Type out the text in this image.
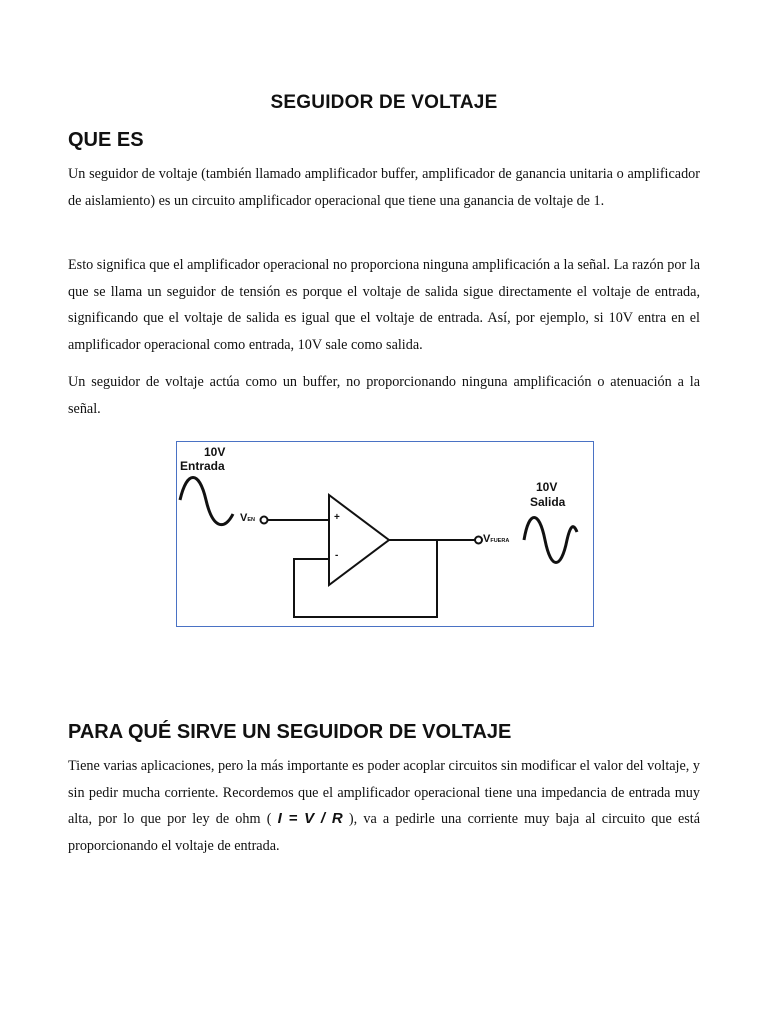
SEGUIDOR DE VOLTAJE
QUE ES

Un seguidor de voltaje (también llamado amplificador buffer, amplificador de ganancia unitaria o amplificador de aislamiento) es un circuito amplificador operacional que tiene una ganancia de voltaje de 1.

Esto significa que el amplificador operacional no proporciona ninguna amplificación a la señal. La razón por la que se llama un seguidor de tensión es porque el voltaje de salida sigue directamente el voltaje de entrada, significando que el voltaje de salida es igual que el voltaje de entrada. Así, por ejemplo, si 10V entra en el amplificador operacional como entrada, 10V sale como salida.

Un seguidor de voltaje actúa como un buffer, no proporcionando ninguna amplificación o atenuación a la señal.

10V
Entrada
10V
Salida
VEN
VFUERA
+
-
PARA QUÉ SIRVE UN SEGUIDOR DE VOLTAJE

Tiene varias aplicaciones, pero la más importante es poder acoplar circuitos sin modificar el valor del voltaje, y sin pedir mucha corriente. Recordemos que el amplificador operacional tiene una impedancia de entrada muy alta, por lo que por ley de ohm ( I = V / R ), va a pedirle una corriente muy baja al circuito que está proporcionando el voltaje de entrada.
